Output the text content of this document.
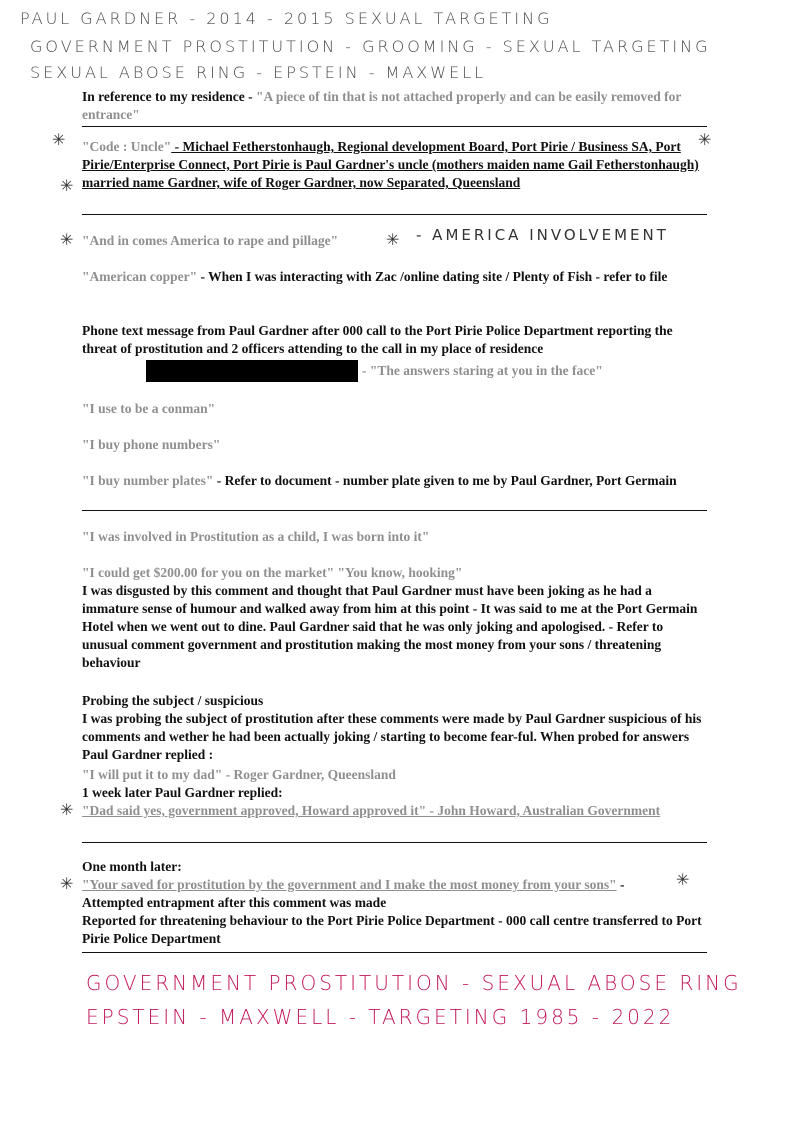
PAUL GARDNER - 2014 - 2015 SEXUAL TARGETING
GOVERNMENT PROSTITUTION - GROOMING - SEXUAL TARGETING
SEXUAL ABOSE RING - EPSTEIN - MAXWELL
In reference to my residence - "A piece of tin that is not attached properly and can be easily removed for entrance"
✳	✳
✳
"Code : Uncle" - Michael Fetherstonhaugh, Regional development Board, Port Pirie / Business SA, Port Pirie/Enterprise Connect, Port Pirie is Paul Gardner's uncle (mothers maiden name Gail Fetherstonhaugh) married name Gardner, wife of Roger Gardner, now Separated, Queensland
✳ "And in comes America to rape and pillage"	✳ - AMERICA INVOLVEMENT
"American copper" - When I was interacting with Zac /online dating site / Plenty of Fish - refer to file
Phone text message from Paul Gardner after 000 call to the Port Pirie Police Department reporting the threat of prostitution and 2 officers attending to the call in my place of residence
- "The answers staring at you in the face"
"I use to be a conman"
"I buy phone numbers"
"I buy number plates" - Refer to document - number plate given to me by Paul Gardner, Port Germain
"I was involved in Prostitution as a child, I was born into it"
"I could get $200.00 for you on the market" "You know, hooking"
I was disgusted by this comment and thought that Paul Gardner must have been joking as he had a immature sense of humour and walked away from him at this point - It was said to me at the Port Germain Hotel when we went out to dine. Paul Gardner said that he was only joking and apologised. - Refer to unusual comment government and prostitution making the most money from your sons / threatening behaviour
Probing the subject / suspicious
I was probing the subject of prostitution after these comments were made by Paul Gardner suspicious of his comments and wether he had been actually joking / starting to become fear-ful. When probed for answers Paul Gardner replied :
"I will put it to my dad" - Roger Gardner, Queensland
1 week later Paul Gardner replied:
✳ "Dad said yes, government approved, Howard approved it" - John Howard, Australian Government
One month later:
✳	✳
"Your saved for prostitution by the government and I make the most money from your sons" - Attempted entrapment after this comment was made
Reported for threatening behaviour to the Port Pirie Police Department - 000 call centre transferred to Port Pirie Police Department
GOVERNMENT PROSTITUTION - SEXUAL ABOSE RING
EPSTEIN - MAXWELL - TARGETING 1985 - 2022
